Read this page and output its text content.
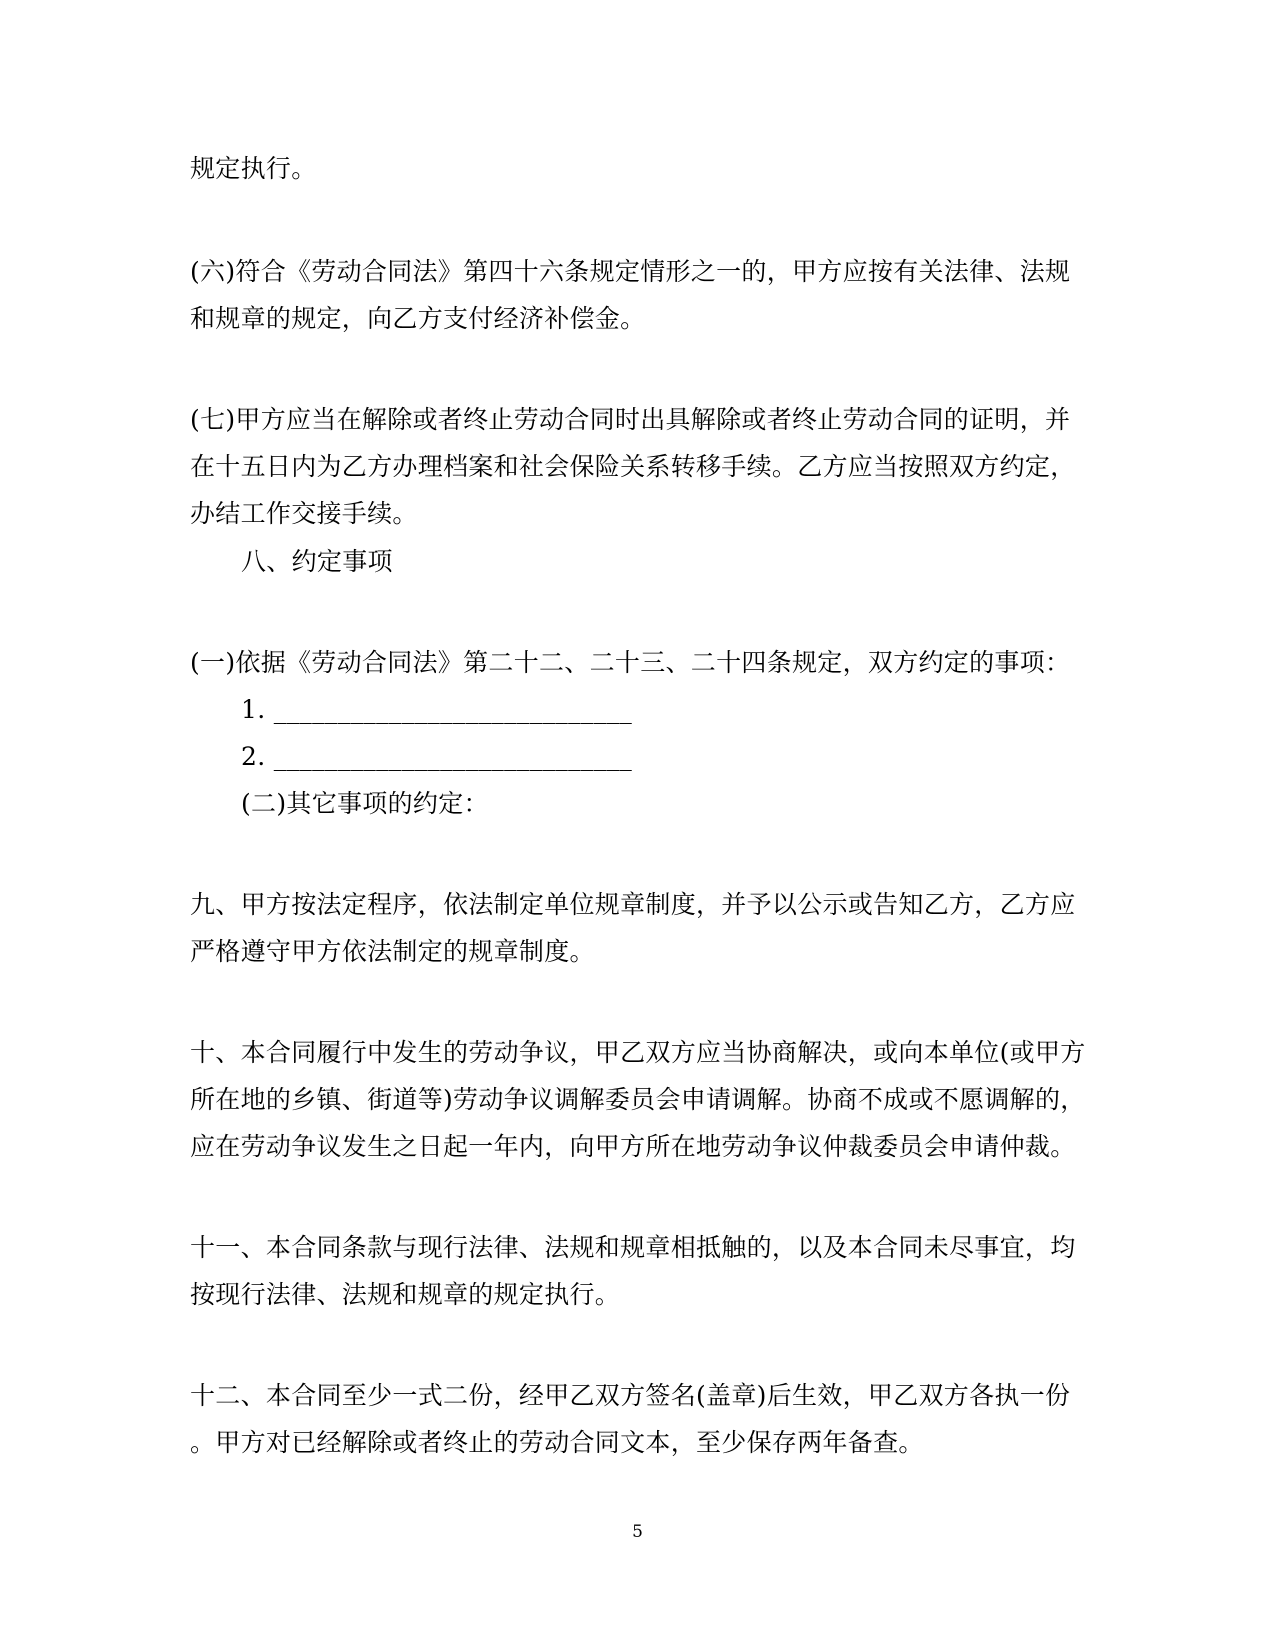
规定执行。
(六)符合《劳动合同法》第四十六条规定情形之一的，甲方应按有关法律、法规
和规章的规定，向乙方支付经济补偿金。
(七)甲方应当在解除或者终止劳动合同时出具解除或者终止劳动合同的证明，并
在十五日内为乙方办理档案和社会保险关系转移手续。乙方应当按照双方约定，
办结工作交接手续。
八、约定事项
(一)依据《劳动合同法》第二十二、二十三、二十四条规定，双方约定的事项：
1. ____________________________
2. ____________________________
(二)其它事项的约定：
九、甲方按法定程序，依法制定单位规章制度，并予以公示或告知乙方，乙方应
严格遵守甲方依法制定的规章制度。
十、本合同履行中发生的劳动争议，甲乙双方应当协商解决，或向本单位(或甲方
所在地的乡镇、街道等)劳动争议调解委员会申请调解。协商不成或不愿调解的，
应在劳动争议发生之日起一年内，向甲方所在地劳动争议仲裁委员会申请仲裁。
十一、本合同条款与现行法律、法规和规章相抵触的，以及本合同未尽事宜，均
按现行法律、法规和规章的规定执行。
十二、本合同至少一式二份，经甲乙双方签名(盖章)后生效，甲乙双方各执一份
。甲方对已经解除或者终止的劳动合同文本，至少保存两年备查。
5
